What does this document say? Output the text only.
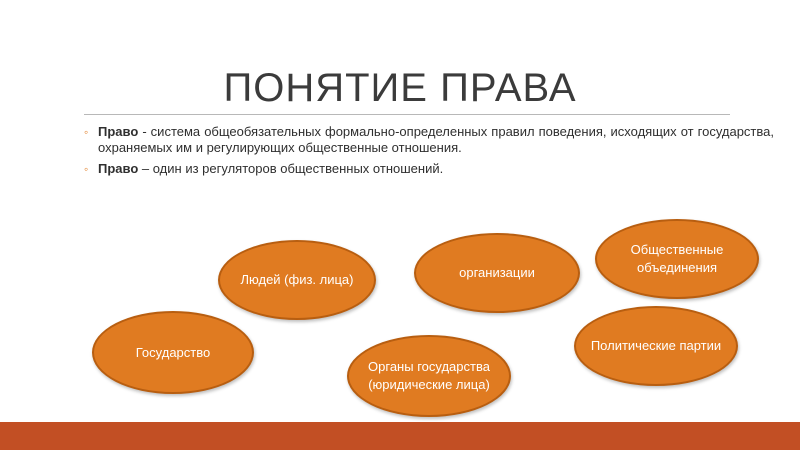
ПОНЯТИЕ ПРАВА
◦ Право - система общеобязательных формально-определенных правил поведения, исходящих от государства, охраняемых им и регулирующих общественные отношения.
◦ Право – один из регуляторов общественных отношений.
Людей (физ. лица)	организации
Общественные объединения
Государство	Политические партии
Органы государства (юридические лица)
